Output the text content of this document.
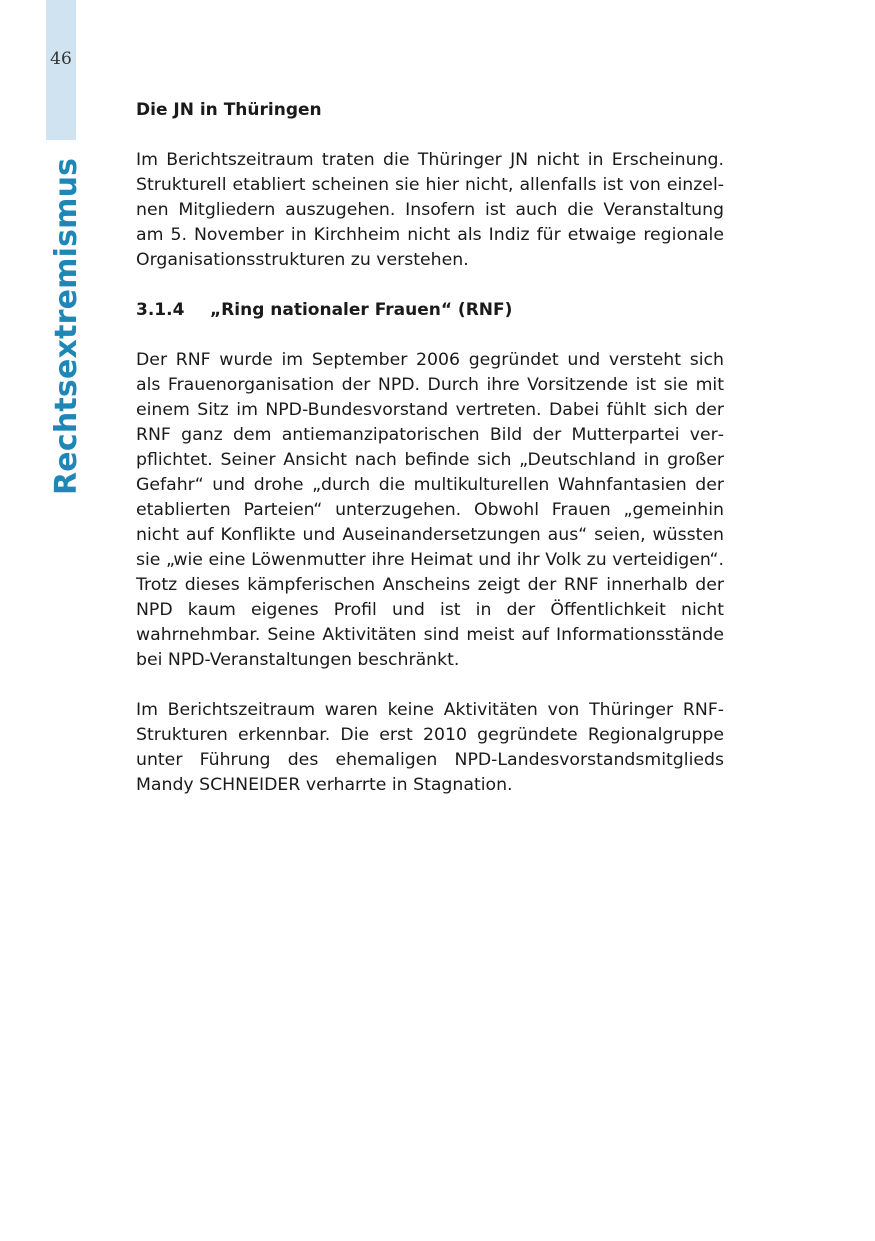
46
Rechtsextremismus
Die JN in Thüringen

Im Berichtszeitraum traten die Thüringer JN nicht in Erscheinung. Strukturell etabliert scheinen sie hier nicht, allenfalls ist von einzelnen Mitgliedern auszugehen. Insofern ist auch die Veranstaltung am 5. November in Kirchheim nicht als Indiz für etwaige regionale Organisationsstrukturen zu verstehen.

3.1.4	„Ring nationaler Frauen“ (RNF)

Der RNF wurde im September 2006 gegründet und versteht sich als Frauenorganisation der NPD. Durch ihre Vorsitzende ist sie mit einem Sitz im NPD-Bundesvorstand vertreten. Dabei fühlt sich der RNF ganz dem antiemanzipatorischen Bild der Mutterpartei verpflichtet. Seiner Ansicht nach befinde sich „Deutschland in großer Gefahr“ und drohe „durch die multikulturellen Wahnfantasien der etablierten Parteien“ unterzugehen. Obwohl Frauen „gemeinhin nicht auf Konflikte und Auseinandersetzungen aus“ seien, wüssten sie „wie eine Löwenmutter ihre Heimat und ihr Volk zu verteidigen“. Trotz dieses kämpferischen Anscheins zeigt der RNF innerhalb der NPD kaum eigenes Profil und ist in der Öffentlichkeit nicht wahrnehmbar. Seine Aktivitäten sind meist auf Informationsstände bei NPD-Veranstaltungen beschränkt.

Im Berichtszeitraum waren keine Aktivitäten von Thüringer RNF-Strukturen erkennbar. Die erst 2010 gegründete Regionalgruppe unter Führung des ehemaligen NPD-Landesvorstandsmitglieds Mandy SCHNEIDER verharrte in Stagnation.
